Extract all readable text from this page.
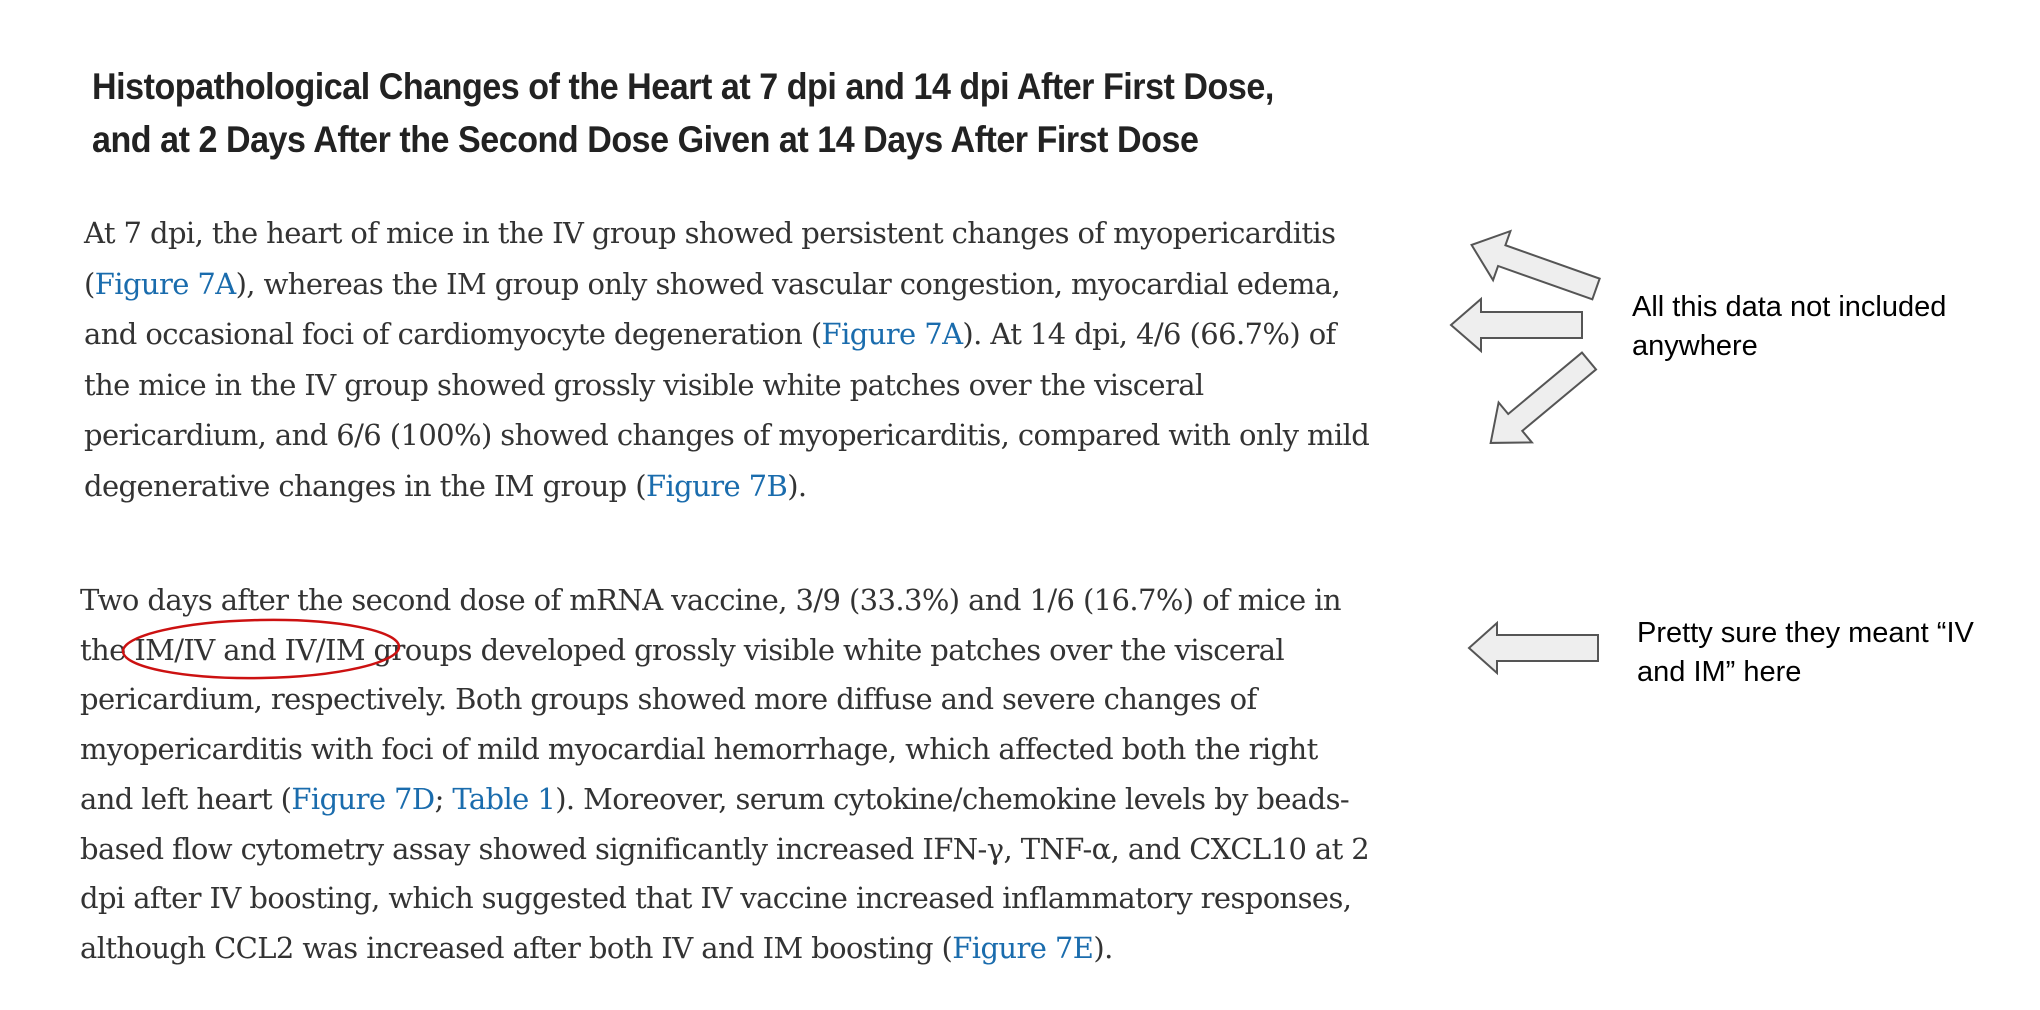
Histopathological Changes of the Heart at 7 dpi and 14 dpi After First Dose,
and at 2 Days After the Second Dose Given at 14 Days After First Dose
At 7 dpi, the heart of mice in the IV group showed persistent changes of myopericarditis
(Figure 7A), whereas the IM group only showed vascular congestion, myocardial edema,
and occasional foci of cardiomyocyte degeneration (Figure 7A). At 14 dpi, 4/6 (66.7%) of
the mice in the IV group showed grossly visible white patches over the visceral
pericardium, and 6/6 (100%) showed changes of myopericarditis, compared with only mild
degenerative changes in the IM group (Figure 7B).
Two days after the second dose of mRNA vaccine, 3/9 (33.3%) and 1/6 (16.7%) of mice in
the IM/IV and IV/IM groups developed grossly visible white patches over the visceral
pericardium, respectively. Both groups showed more diffuse and severe changes of
myopericarditis with foci of mild myocardial hemorrhage, which affected both the right
and left heart (Figure 7D; Table 1). Moreover, serum cytokine/chemokine levels by beads-
based flow cytometry assay showed significantly increased IFN-γ, TNF-α, and CXCL10 at 2
dpi after IV boosting, which suggested that IV vaccine increased inflammatory responses,
although CCL2 was increased after both IV and IM boosting (Figure 7E).
All this data not included
anywhere
Pretty sure they meant “IV
and IM” here
